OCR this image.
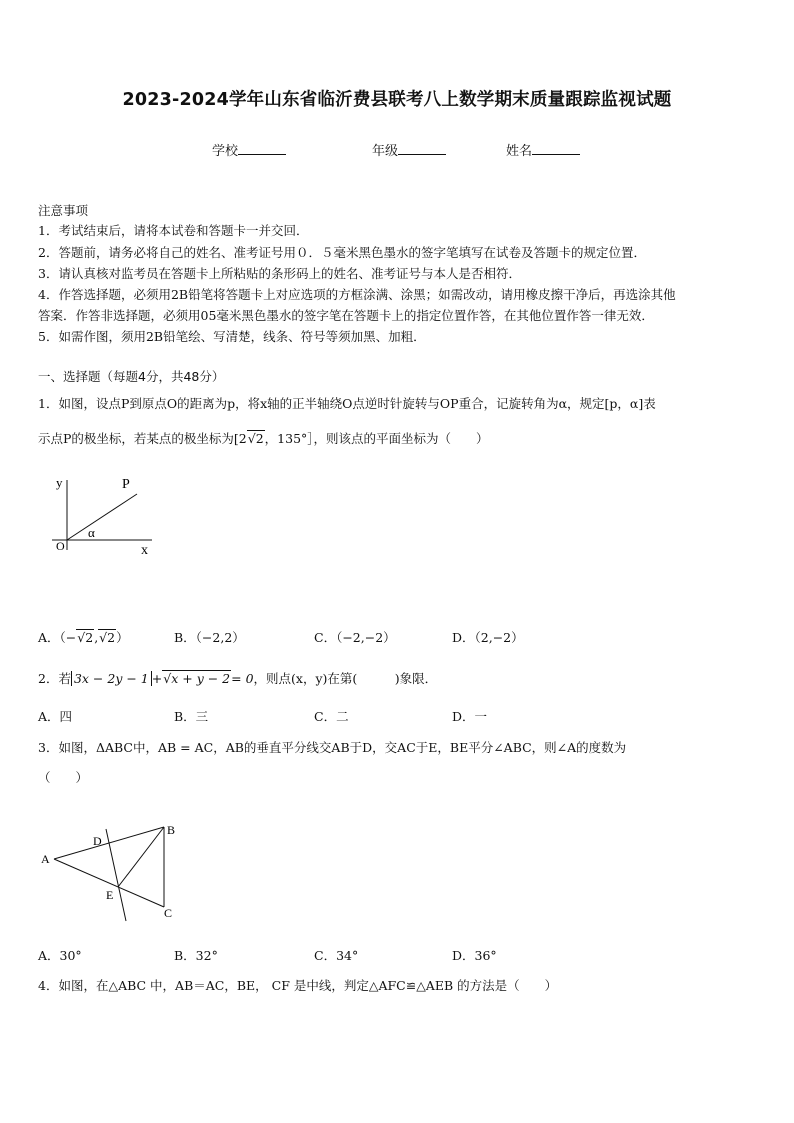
2023-2024学年山东省临沂费县联考八上数学期末质量跟踪监视试题
学校	年级	姓名
注意事项
1．考试结束后，请将本试卷和答题卡一并交回．
2．答题前，请务必将自己的姓名、准考证号用０．５毫米黑色墨水的签字笔填写在试卷及答题卡的规定位置．
3．请认真核对监考员在答题卡上所粘贴的条形码上的姓名、准考证号与本人是否相符．
4．作答选择题，必须用2B铅笔将答题卡上对应选项的方框涂满、涂黑；如需改动，请用橡皮擦干净后，再选涂其他
答案．作答非选择题，必须用05毫米黑色墨水的签字笔在答题卡上的指定位置作答，在其他位置作答一律无效．
5．如需作图，须用2B铅笔绘、写清楚，线条、符号等须加黑、加粗．
一、选择题（每题4分，共48分）
1．如图，设点P到原点O的距离为p，将x轴的正半轴绕O点逆时针旋转与OP重合，记旋转角为α，规定[p，α]表
示点P的极坐标，若某点的极坐标为[2√2，135°］，则该点的平面坐标为（　　）
y	P
O
α
x
A．（−√2,√2）	B．（−2,2）	C．（−2,−2）	D．（2,−2）
2．若 3x − 2y − 1 +√x + y − 2= 0，则点(x，y)在第(　　　)象限．
A．四	B．三	C．二	D．一
3．如图，ΔABC中，AB = AC，AB的垂直平分线交AB于D，交AC于E，BE平分∠ABC，则∠A的度数为
（　　）
A
B
C
D
E
A．30°	B．32°	C．34°	D．36°
4．如图，在△ABC 中，AB＝AC，BE， CF 是中线，判定△AFC≌△AEB 的方法是（　　）
